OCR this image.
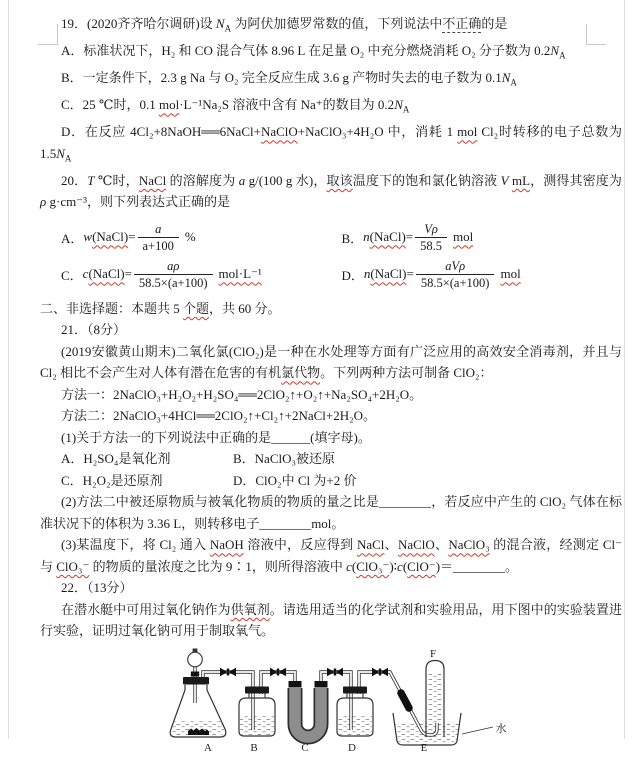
19．(2020齐齐哈尔调研)设 $N_A$ 为阿伏加德罗常数的值，下列说法中不正确的是

A．标准状况下，H₂ 和 CO 混合气体 8.96 L 在足量 O₂ 中充分燃烧消耗 O₂ 分子数为 $0.2N_A$

B．一定条件下，2.3 g Na 与 O₂ 完全反应生成 3.6 g 产物时失去的电子数为 $0.1N_A$

C．25 ℃时，0.1 mol·L⁻¹Na₂S 溶液中含有 Na⁺的数目为 $0.2N_A$

D．在反应 4Cl₂+8NaOH══6NaCl+NaClO+NaClO₃+4H₂O 中，消耗 1 mol Cl₂时转移的电子总数为 $1.5N_A$

20．T ℃时，NaCl 的溶解度为 a g/(100 g 水)，取该温度下的饱和氯化钠溶液 V mL，测得其密度为 ρ g·cm⁻³，则下列表达式正确的是

A． w (NaCl) = $\frac{a}{a+100}$ %	B． n (NaCl) = $\frac{V\rho}{58.5}$ mol
C． c (NaCl) = $\frac{a\rho}{58.5\times(a+100)} mol\cdot L^{-1}$	D． n (NaCl) = $\frac{\text{aVρ}}{58.5\times(a+100)}$ mol

二、非选择题：本题共 5 个题，共 60 分。

21．（8分）

(2019安徽黄山期末)二氧化氯(ClO₂)是一种在水处理等方面有广泛应用的高效安全消毒剂，并且与 Cl₂ 相比不会产生对人体有潜在危害的有机氯代物。下列两种方法可制备 ClO₂：

方法一：2NaClO₃+H₂O₂+H₂SO₄══2ClO₂↑+O₂↑+Na₂SO₄+2H₂O。

方法二：2NaClO₃+4HCl══2ClO₂↑+Cl₂↑+2NaCl+2H₂O。

(1)关于方法一的下列说法中正确的是______(填字母)。

A．H₂SO₄是氧化剂	B．NaClO₃被还原

C．H₂O₂是还原剂	D．ClO₂中 Cl 为+2 价

(2)方法二中被还原物质与被氧化物质的物质的量之比是________，若反应中产生的 ClO₂ 气体在标准状况下的体积为 3.36 L，则转移电子________mol。

(3)某温度下，将 Cl₂ 通入 NaOH 溶液中，反应得到 NaCl、NaClO、NaClO₃ 的混合液，经测定 Cl⁻与 ClO₃⁻ 的物质的量浓度之比为 9∶1，则所得溶液中 c(ClO₃⁻)∶c(ClO⁻)＝________。

22．（13分）

在潜水艇中可用过氧化钠作为供氧剂。请选用适当的化学试剂和实验用品，用下图中的实验装置进行实验，证明过氧化钠可用于制取氧气。

A	B	C	D	E
F
水
